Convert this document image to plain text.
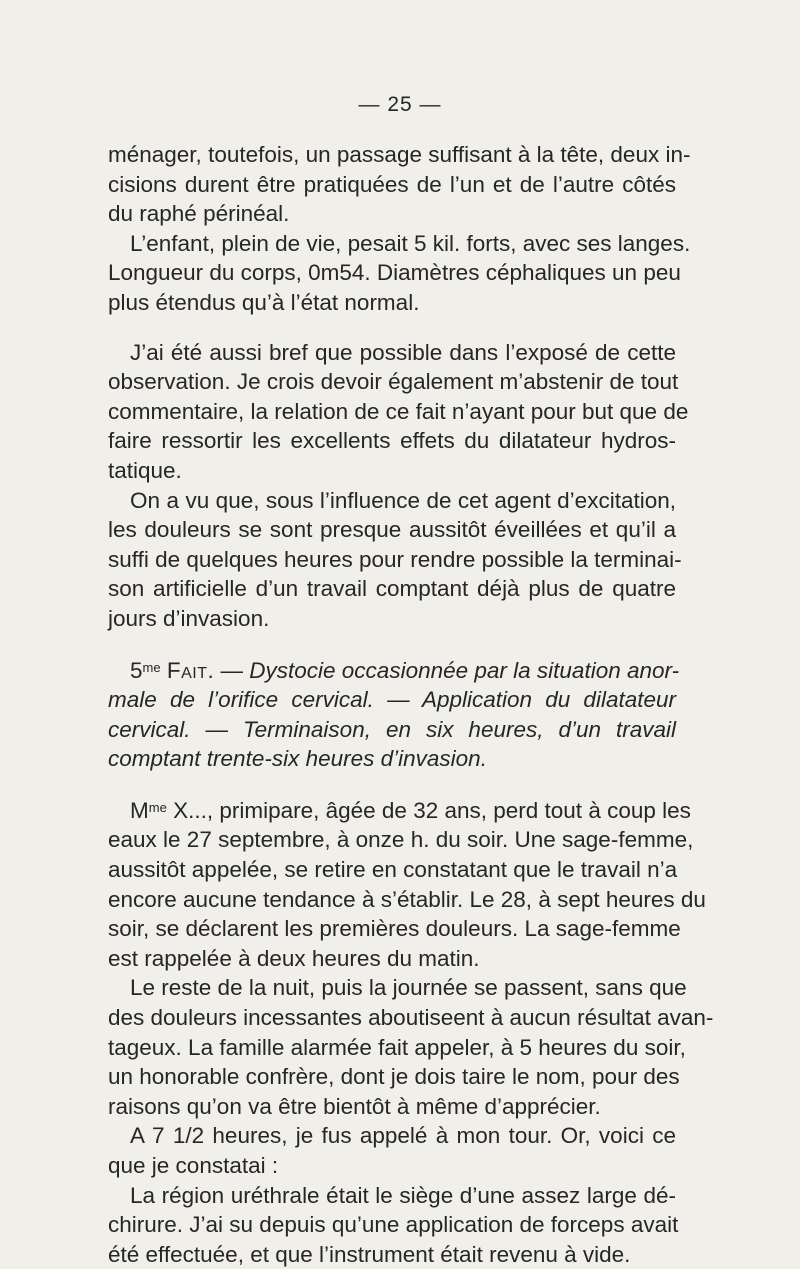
— 25 —

ménager, toutefois, un passage suffisant à la tête, deux in-
cisions durent être pratiquées de l’un et de l’autre côtés
du raphé périnéal.

L’enfant, plein de vie, pesait 5 kil. forts, avec ses langes.
Longueur du corps, 0m54. Diamètres céphaliques un peu
plus étendus qu’à l’état normal.

J’ai été aussi bref que possible dans l’exposé de cette
observation. Je crois devoir également m’abstenir de tout
commentaire, la relation de ce fait n’ayant pour but que de
faire ressortir les excellents effets du dilatateur hydros-
tatique.

On a vu que, sous l’influence de cet agent d’excitation,
les douleurs se sont presque aussitôt éveillées et qu’il a
suffi de quelques heures pour rendre possible la terminai-
son artificielle d’un travail comptant déjà plus de quatre
jours d’invasion.

$5^{me}$ Fait. — Dystocie occasionnée par la situation anor-
male de l’orifice cervical. — Application du dilatateur
cervical. — Terminaison, en six heures, d’un travail
comptant trente-six heures d’invasion.

$M^{me}$ X..., primipare, âgée de 32 ans, perd tout à coup les
eaux le 27 septembre, à onze h. du soir. Une sage-femme,
aussitôt appelée, se retire en constatant que le travail n’a
encore aucune tendance à s’établir. Le 28, à sept heures du
soir, se déclarent les premières douleurs. La sage-femme
est rappelée à deux heures du matin.

Le reste de la nuit, puis la journée se passent, sans que
des douleurs incessantes aboutiseent à aucun résultat avan-
tageux. La famille alarmée fait appeler, à 5 heures du soir,
un honorable confrère, dont je dois taire le nom, pour des
raisons qu’on va être bientôt à même d’apprécier.

A 7 1/2 heures, je fus appelé à mon tour. Or, voici ce
que je constatai :

La région uréthrale était le siège d’une assez large dé-
chirure. J’ai su depuis qu’une application de forceps avait
été effectuée, et que l’instrument était revenu à vide.
